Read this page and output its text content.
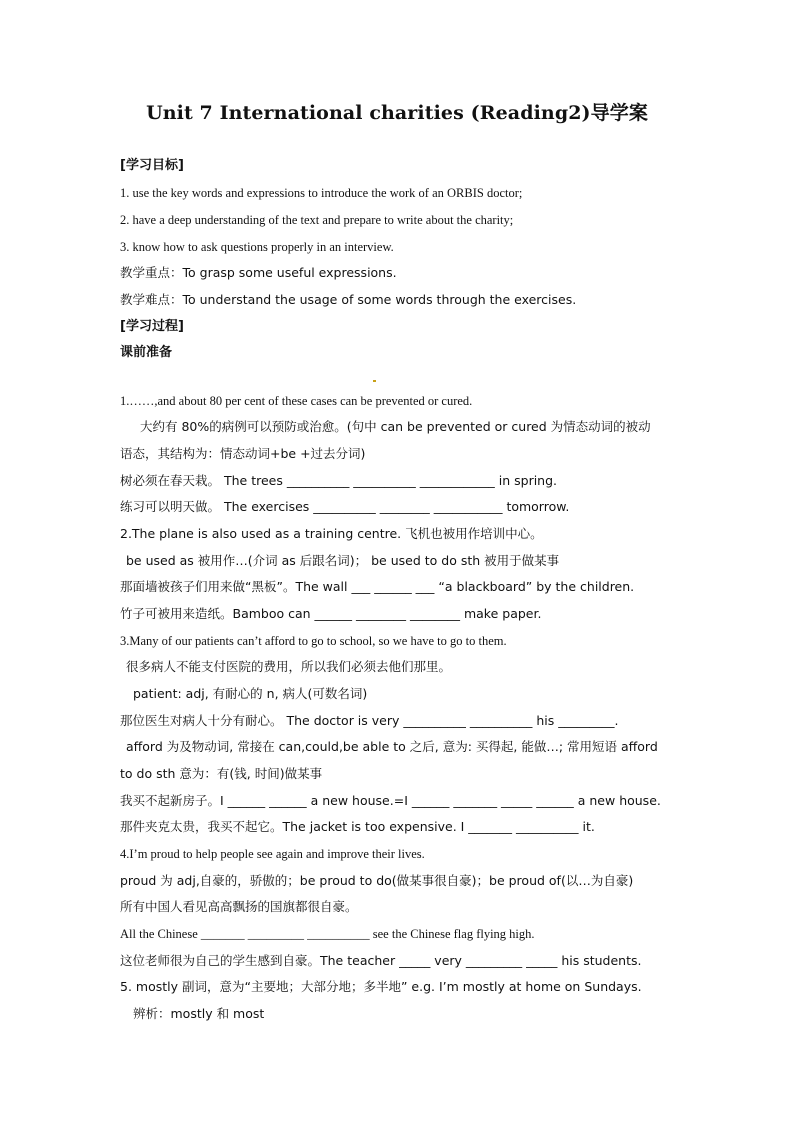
Unit 7 International charities (Reading2)导学案
[学习目标]
1. use the key words and expressions to introduce the work of an ORBIS doctor;
2. have a deep understanding of the text and prepare to write about the charity;
3. know how to ask questions properly in an interview.
教学重点：To grasp some useful expressions.
教学难点：To understand the usage of some words through the exercises.
[学习过程]
课前准备
1.……,and about 80 per cent of these cases can be prevented or cured.
大约有 80%的病例可以预防或治愈。(句中 can be prevented or cured 为情态动词的被动
语态，其结构为：情态动词+be +过去分词)
树必须在春天栽。 The trees __________ __________ ____________ in spring.
练习可以明天做。 The exercises __________ ________ ___________ tomorrow.
2.The plane is also used as a training centre. 飞机也被用作培训中心。
be used as 被用作…(介词 as 后跟名词)； be used to do sth 被用于做某事
那面墙被孩子们用来做“黑板”。The wall ___ ______ ___ “a blackboard” by the children.
竹子可被用来造纸。Bamboo can ______ ________ ________ make paper.
3.Many of our patients can’t afford to go to school, so we have to go to them.
很多病人不能支付医院的费用，所以我们必须去他们那里。
patient: adj, 有耐心的 n, 病人(可数名词)
那位医生对病人十分有耐心。 The doctor is very __________ __________ his _________.
afford 为及物动词, 常接在 can,could,be able to 之后, 意为: 买得起, 能做…; 常用短语 afford
to do sth 意为：有(钱, 时间)做某事
我买不起新房子。I ______ ______ a new house.=I ______ _______ _____ ______ a new house.
那件夹克太贵，我买不起它。The jacket is too expensive. I _______ __________ it.
4.I’m proud to help people see again and improve their lives.
proud 为 adj,自豪的，骄傲的；be proud to do(做某事很自豪)；be proud of(以…为自豪)
所有中国人看见高高飘扬的国旗都很自豪。
All the Chinese _______ _________ __________ see the Chinese flag flying high.
这位老师很为自己的学生感到自豪。The teacher _____ very _________ _____ his students.
5. mostly 副词，意为“主要地；大部分地；多半地” e.g. I’m mostly at home on Sundays.
辨析：mostly 和 most
